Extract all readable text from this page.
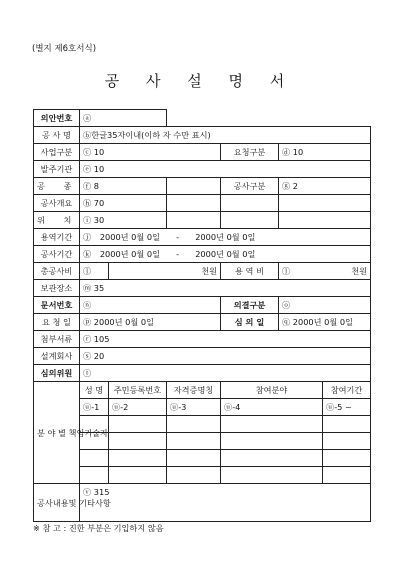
(별지 제6호서식)
공 사 설 명 서
의안번호	ⓐ					
공 사 명	ⓑ한글35자이내(이하 자 수만 표시)					
사업구분	ⓒ 10			요청구분	ⓓ 10	
발주기관	ⓔ 10					
공 종	ⓕ 8			공사구분	ⓖ 2	
공사개요	ⓗ 70					
위 치	ⓘ 30					
용역기간	ⓙ 2000년 0월 0일 - 2000년 0월 0일					
공사기간	ⓚ 2000년 0월 0일 - 2000년 0월 0일					
총공사비	ⓛ	천원		용 역 비	ⓛ 천원	

보관장소	ⓜ 35					
문서번호	ⓝ			의결구분	ⓞ	
요 청 일	ⓟ 2000년 0월 0일			심 의 일	ⓠ 2000년 0월 0일	
첨부서류	ⓡ 105					
설계회사	ⓢ 20					
심의위원	ⓣ					
분 야 별 책임기술자	성 명	주민등록번호	자격증명칭	참여분야		참여기간
	ⓤ-1	ⓤ-2	ⓤ-3	ⓤ-4		ⓤ-5 ~

공사내용및 기타사항	ⓥ 315					
※ 참 고 : 진한 부분은 기입하지 않음
